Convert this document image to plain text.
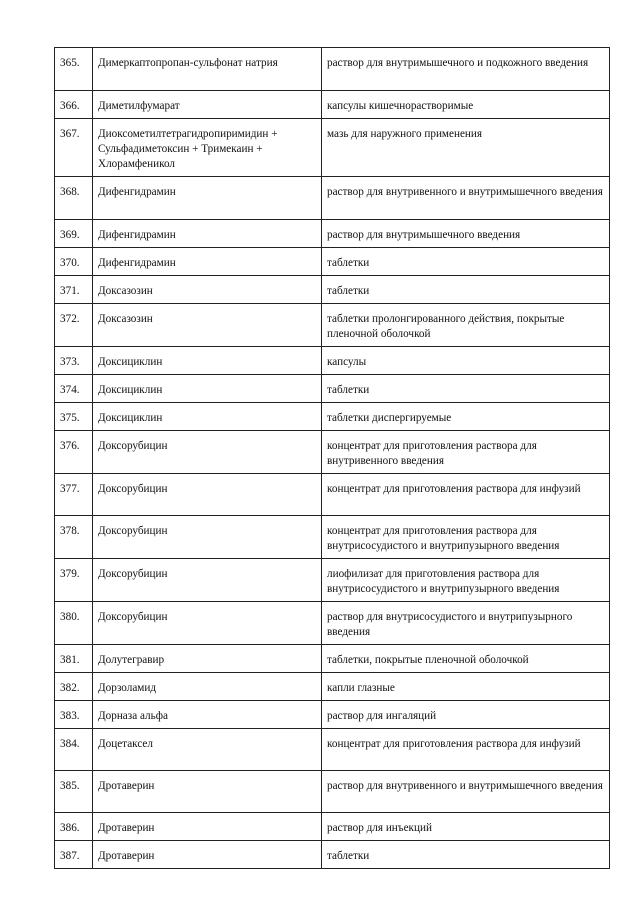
365.	Димеркаптопропан-сульфонат натрия	раствор для внутримышечного и подкожного введения
366.	Диметилфумарат	капсулы кишечнорастворимые
367.	Диоксометилтетрагидропиримидин + Сульфадиметоксин + Тримекаин + Хлорамфеникол	мазь для наружного применения
368.	Дифенгидрамин	раствор для внутривенного и внутримышечного введения
369.	Дифенгидрамин	раствор для внутримышечного введения
370.	Дифенгидрамин	таблетки
371.	Доксазозин	таблетки
372.	Доксазозин	таблетки пролонгированного действия, покрытые пленочной оболочкой
373.	Доксициклин	капсулы
374.	Доксициклин	таблетки
375.	Доксициклин	таблетки диспергируемые
376.	Доксорубицин	концентрат для приготовления раствора для внутривенного введения
377.	Доксорубицин	концентрат для приготовления раствора для инфузий
378.	Доксорубицин	концентрат для приготовления раствора для внутрисосудистого и внутрипузырного введения
379.	Доксорубицин	лиофилизат для приготовления раствора для внутрисосудистого и внутрипузырного введения
380.	Доксорубицин	раствор для внутрисосудистого и внутрипузырного введения
381.	Долутегравир	таблетки, покрытые пленочной оболочкой
382.	Дорзоламид	капли глазные
383.	Дорназа альфа	раствор для ингаляций
384.	Доцетаксел	концентрат для приготовления раствора для инфузий
385.	Дротаверин	раствор для внутривенного и внутримышечного введения
386.	Дротаверин	раствор для инъекций
387.	Дротаверин	таблетки
